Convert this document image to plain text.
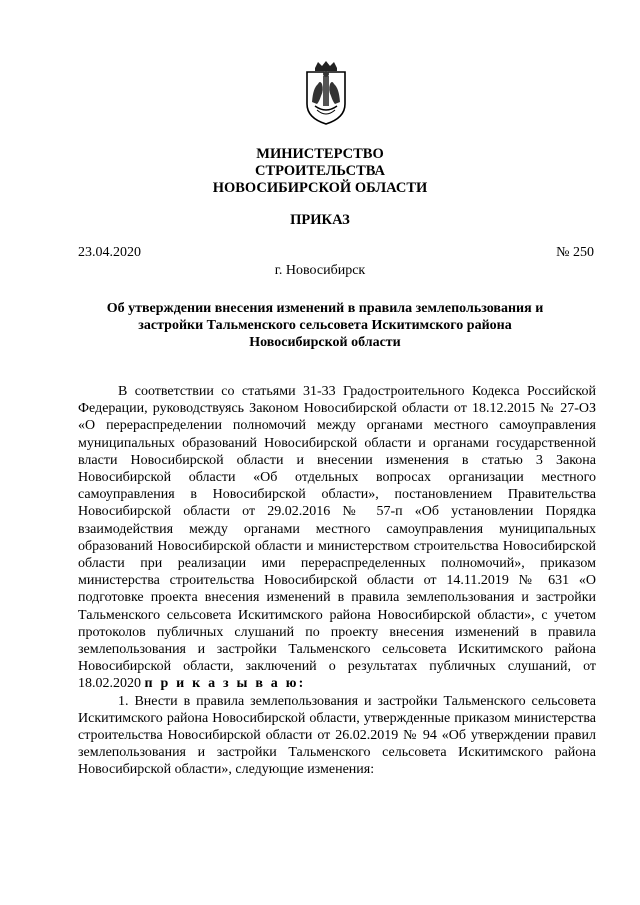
МИНИСТЕРСТВО
СТРОИТЕЛЬСТВА
НОВОСИБИРСКОЙ ОБЛАСТИ
ПРИКАЗ
23.04.2020	№ 250
г. Новосибирск
Об утверждении внесения изменений в правила землепользования и
застройки Тальменского сельсовета Искитимского района
Новосибирской области

В соответствии со статьями 31-33 Градостроительного Кодекса Российской Федерации, руководствуясь Законом Новосибирской области от 18.12.2015 № 27-ОЗ «О перераспределении полномочий между органами местного самоуправления муниципальных образований Новосибирской области и органами государственной власти Новосибирской области и внесении изменения в статью 3 Закона Новосибирской области «Об отдельных вопросах организации местного самоуправления в Новосибирской области», постановлением Правительства Новосибирской области от 29.02.2016 № 57-п «Об установлении Порядка взаимодействия между органами местного самоуправления муниципальных образований Новосибирской области и министерством строительства Новосибирской области при реализации ими перераспределенных полномочий», приказом министерства строительства Новосибирской области от 14.11.2019 № 631 «О подготовке проекта внесения изменений в правила землепользования и застройки Тальменского сельсовета Искитимского района Новосибирской области», с учетом протоколов публичных слушаний по проекту внесения изменений в правила землепользования и застройки Тальменского сельсовета Искитимского района Новосибирской области, заключений о результатах публичных слушаний, от 18.02.2020 п р и к а з ы в а ю:

1. Внести в правила землепользования и застройки Тальменского сельсовета Искитимского района Новосибирской области, утвержденные приказом министерства строительства Новосибирской области от 26.02.2019 № 94 «Об утверждении правил землепользования и застройки Тальменского сельсовета Искитимского района Новосибирской области», следующие изменения:
